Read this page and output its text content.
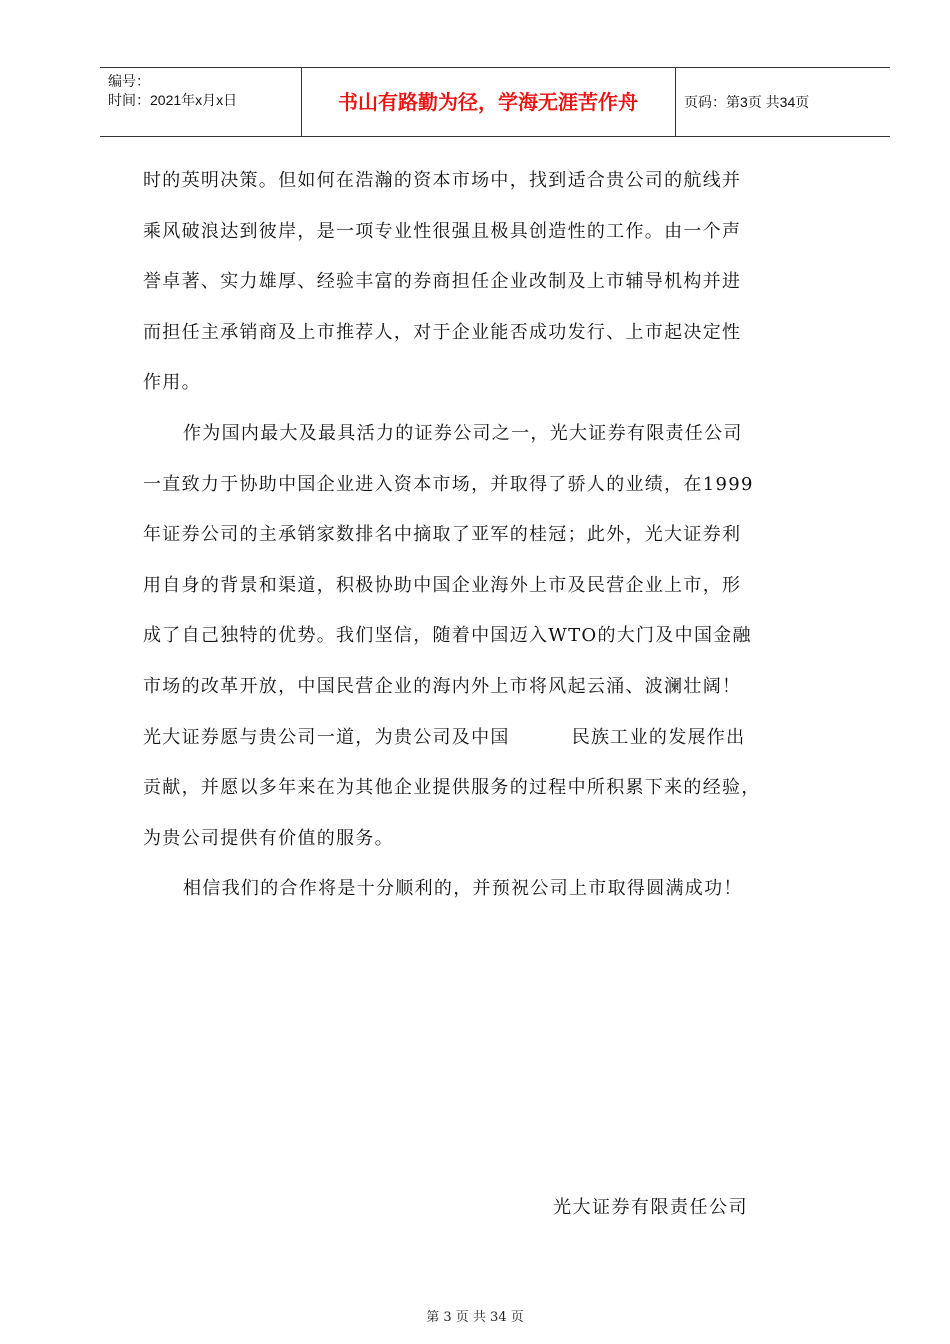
编号：
时间：2021年x月x日	书山有路勤为径，学海无涯苦作舟	页码：第3页 共34页
时的英明决策。但如何在浩瀚的资本市场中，找到适合贵公司的航线并
乘风破浪达到彼岸，是一项专业性很强且极具创造性的工作。由一个声
誉卓著、实力雄厚、经验丰富的券商担任企业改制及上市辅导机构并进
而担任主承销商及上市推荐人，对于企业能否成功发行、上市起决定性
作用。
作为国内最大及最具活力的证券公司之一，光大证券有限责任公司
一直致力于协助中国企业进入资本市场，并取得了骄人的业绩，在1999
年证券公司的主承销家数排名中摘取了亚军的桂冠；此外，光大证券利
用自身的背景和渠道，积极协助中国企业海外上市及民营企业上市，形
成了自己独特的优势。我们坚信，随着中国迈入WTO的大门及中国金融
市场的改革开放，中国民营企业的海内外上市将风起云涌、波澜壮阔！
光大证券愿与贵公司一道，为贵公司及中国	民族工业的发展作出
贡献，并愿以多年来在为其他企业提供服务的过程中所积累下来的经验，
为贵公司提供有价值的服务。
相信我们的合作将是十分顺利的，并预祝公司上市取得圆满成功！
光大证券有限责任公司
第 3 页 共 34 页
